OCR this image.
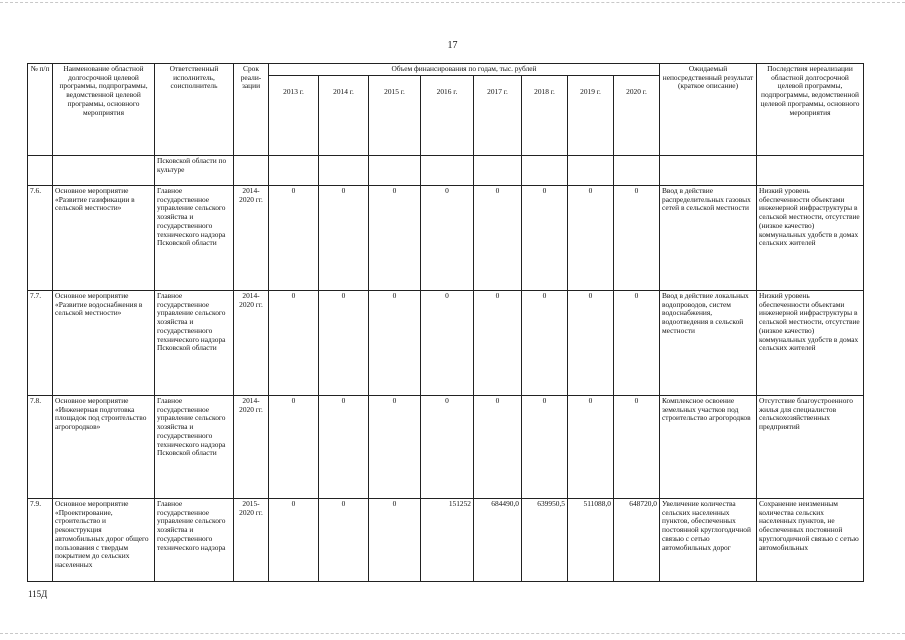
17
№ п/п	Наименование областной долгосрочной целевой программы, подпрограммы, ведомственной целевой программы, основного мероприятия	Ответственный исполнитель, соисполнитель	Срок реали-зации	Объем финансирования по годам, тыс. рублей								Ожидаемый непосредственный результат (краткое описание)	Последствия нереализации областной долгосрочной целевой программы, подпрограммы, ведомственной целевой программы, основного мероприятия
				2013 г.	2014 г.	2015 г.	2016 г.	2017 г.	2018 г.	2019 г.	2020 г.		
		Псковской области по культуре											
7.6.	Основное мероприятие «Развитие газификации в сельской местности»	Главное государственное управление сельского хозяйства и государственного технического надзора Псковской области	2014-2020 гг.	0	0	0	0	0	0	0	0	Ввод в действие распределительных газовых сетей в сельской местности	Низкий уровень обеспеченности объектами инженерной инфраструктуры в сельской местности, отсутствие (низкое качество) коммунальных удобств в домах сельских жителей
7.7.	Основное мероприятие «Развитие водоснабжения в сельской местности»	Главное государственное управление сельского хозяйства и государственного технического надзора Псковской области	2014-2020 гг.	0	0	0	0	0	0	0	0	Ввод в действие локальных водопроводов, систем водоснабжения, водоотведения в сельской местности	Низкий уровень обеспеченности объектами инженерной инфраструктуры в сельской местности, отсутствие (низкое качество) коммунальных удобств в домах сельских жителей
7.8.	Основное мероприятие «Инженерная подготовка площадок под строительство агрогородков»	Главное государственное управление сельского хозяйства и государственного технического надзора Псковской области	2014-2020 гг.	0	0	0	0	0	0	0	0	Комплексное освоение земельных участков под строительство агрогородков	Отсутствие благоустроенного жилья для специалистов сельскохозяйственных предприятий
7.9.	Основное мероприятие «Проектирование, строительство и реконструкция автомобильных дорог общего пользования с твердым покрытием до сельских населенных	Главное государственное управление сельского хозяйства и государственного технического надзора	2015-2020 гг.	0	0	0	151252	684490,0	639950,5	511088,0	648720,0	Увеличение количества сельских населенных пунктов, обеспеченных постоянной круглогодичной связью с сетью автомобильных дорог	Сохранение неизменным количества сельских населенных пунктов, не обеспеченных постоянной круглогодичной связью с сетью автомобильных
115Д
